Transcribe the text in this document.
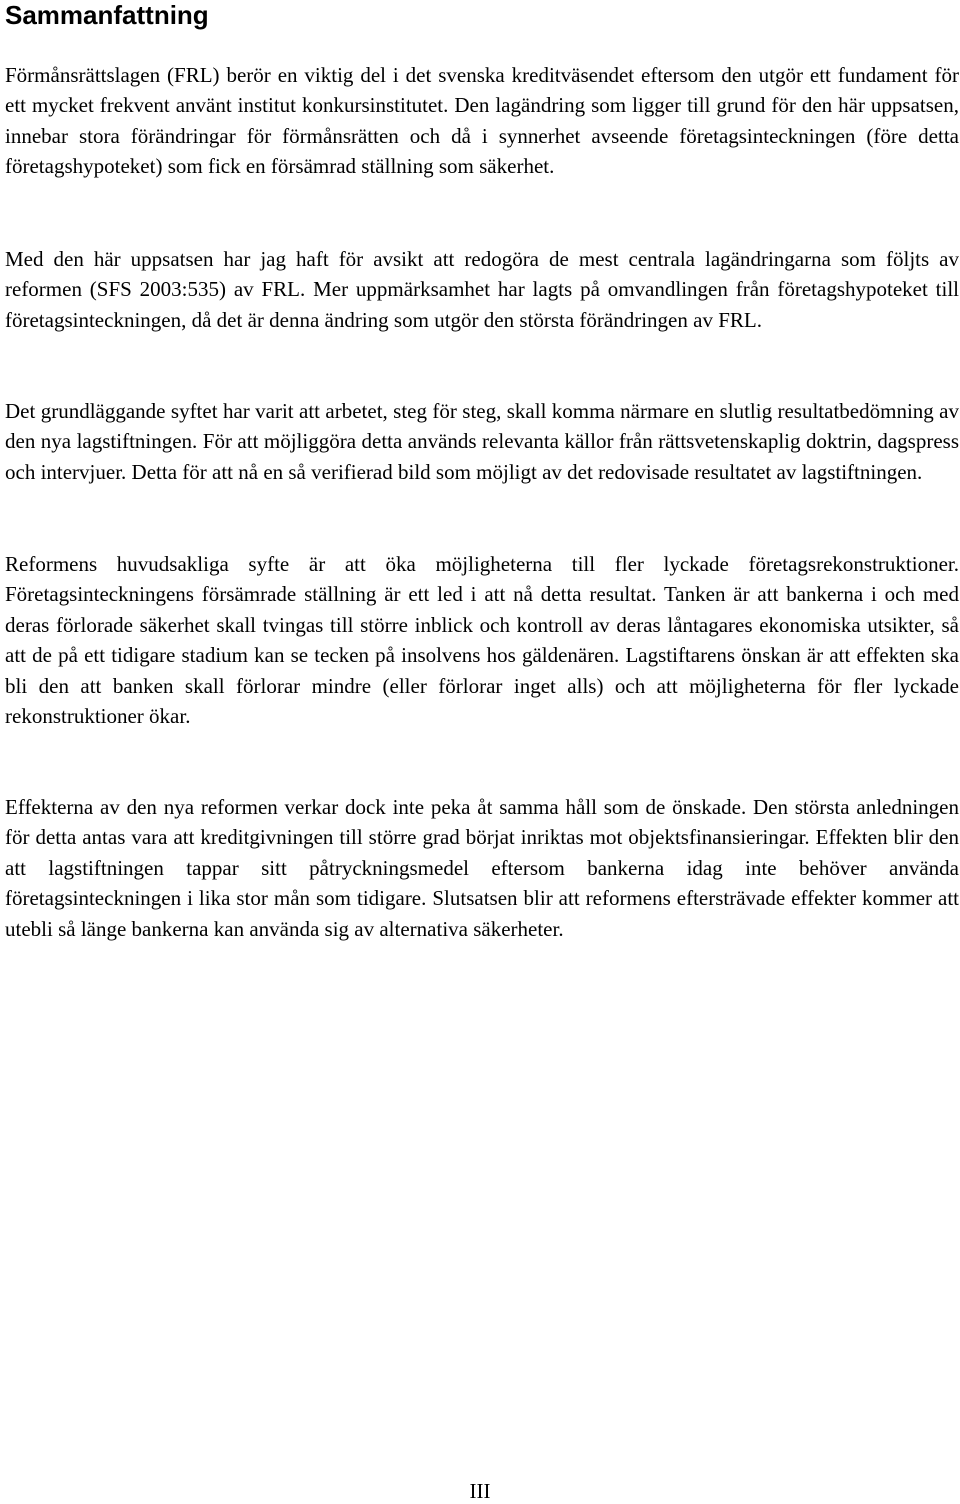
Sammanfattning

Förmånsrättslagen (FRL) berör en viktig del i det svenska kreditväsendet eftersom den utgör ett fundament för ett mycket frekvent använt institut konkursinstitutet. Den lagändring som ligger till grund för den här uppsatsen, innebar stora förändringar för förmånsrätten och då i synnerhet avseende företagsinteckningen (före detta företagshypoteket) som fick en försämrad ställning som säkerhet.

Med den här uppsatsen har jag haft för avsikt att redogöra de mest centrala lagändringarna som följts av reformen (SFS 2003:535) av FRL. Mer uppmärksamhet har lagts på omvandlingen från företagshypoteket till företagsinteckningen, då det är denna ändring som utgör den största förändringen av FRL.

Det grundläggande syftet har varit att arbetet, steg för steg, skall komma närmare en slutlig resultatbedömning av den nya lagstiftningen. För att möjliggöra detta används relevanta källor från rättsvetenskaplig doktrin, dagspress och intervjuer. Detta för att nå en så verifierad bild som möjligt av det redovisade resultatet av lagstiftningen.

Reformens huvudsakliga syfte är att öka möjligheterna till fler lyckade företagsrekonstruktioner. Företagsinteckningens försämrade ställning är ett led i att nå detta resultat. Tanken är att bankerna i och med deras förlorade säkerhet skall tvingas till större inblick och kontroll av deras låntagares ekonomiska utsikter, så att de på ett tidigare stadium kan se tecken på insolvens hos gäldenären. Lagstiftarens önskan är att effekten ska bli den att banken skall förlorar mindre (eller förlorar inget alls) och att möjligheterna för fler lyckade rekonstruktioner ökar.

Effekterna av den nya reformen verkar dock inte peka åt samma håll som de önskade. Den största anledningen för detta antas vara att kreditgivningen till större grad börjat inriktas mot objektsfinansieringar. Effekten blir den att lagstiftningen tappar sitt påtryckningsmedel eftersom bankerna idag inte behöver använda företagsinteckningen i lika stor mån som tidigare. Slutsatsen blir att reformens eftersträvade effekter kommer att utebli så länge bankerna kan använda sig av alternativa säkerheter.

III
